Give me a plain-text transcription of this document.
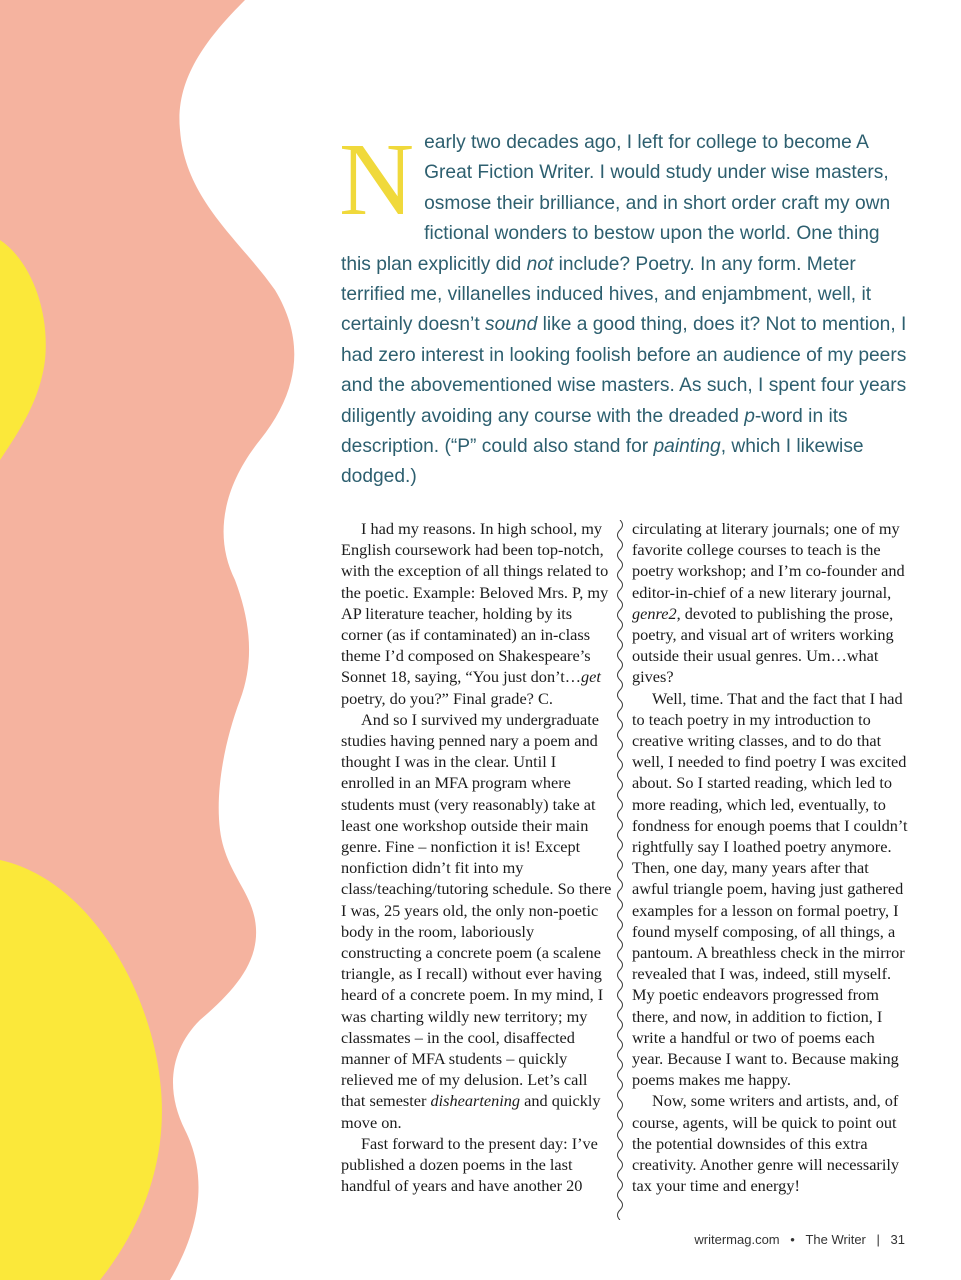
Nearly two decades ago, I left for college to become A Great Fiction Writer. I would study under wise masters, osmose their brilliance, and in short order craft my own fictional wonders to bestow upon the world. One thing this plan explicitly did not include? Poetry. In any form. Meter terrified me, villanelles induced hives, and enjambment, well, it certainly doesn’t sound like a good thing, does it? Not to mention, I had zero interest in looking foolish before an audience of my peers and the abovementioned wise masters. As such, I spent four years diligently avoiding any course with the dreaded p-word in its description. (“P” could also stand for painting, which I likewise dodged.)

I had my reasons. In high school, my English coursework had been top-notch, with the exception of all things related to the poetic. Example: Beloved Mrs. P, my AP literature teacher, holding by its corner (as if contaminated) an in-class theme I’d composed on Shakespeare’s Sonnet 18, saying, “You just don’t…get poetry, do you?” Final grade? C.

And so I survived my undergraduate studies having penned nary a poem and thought I was in the clear. Until I enrolled in an MFA program where students must (very reasonably) take at least one workshop outside their main genre. Fine – nonfiction it is! Except nonfiction didn’t fit into my class/teaching/tutoring schedule. So there I was, 25 years old, the only non-poetic body in the room, laboriously constructing a concrete poem (a scalene triangle, as I recall) without ever having heard of a concrete poem. In my mind, I was charting wildly new territory; my classmates – in the cool, disaffected manner of MFA students – quickly relieved me of my delusion. Let’s call that semester disheartening and quickly move on.

Fast forward to the present day: I’ve published a dozen poems in the last handful of years and have another 20

circulating at literary journals; one of my favorite college courses to teach is the poetry workshop; and I’m co-founder and editor-in-chief of a new literary journal, genre2, devoted to publishing the prose, poetry, and visual art of writers working outside their usual genres. Um…what gives?

Well, time. That and the fact that I had to teach poetry in my introduction to creative writing classes, and to do that well, I needed to find poetry I was excited about. So I started reading, which led to more reading, which led, eventually, to fondness for enough poems that I couldn’t rightfully say I loathed poetry anymore. Then, one day, many years after that awful triangle poem, having just gathered examples for a lesson on formal poetry, I found myself composing, of all things, a pantoum. A breathless check in the mirror revealed that I was, indeed, still myself. My poetic endeavors progressed from there, and now, in addition to fiction, I write a handful or two of poems each year. Because I want to. Because making poems makes me happy.

Now, some writers and artists, and, of course, agents, will be quick to point out the potential downsides of this extra creativity. Another genre will necessarily tax your time and energy!

writermag.com • The Writer | 31
